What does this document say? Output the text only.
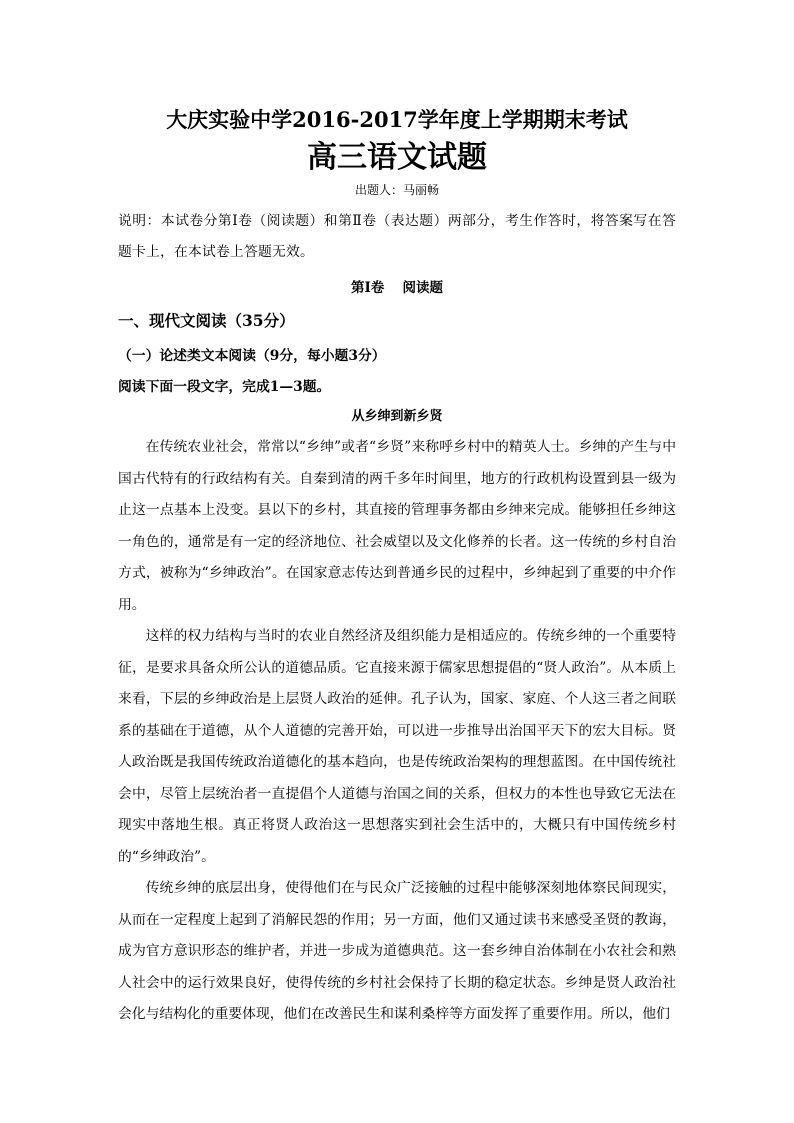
大庆实验中学2016-2017学年度上学期期末考试
高三语文试题
出题人：马丽畅

说明：本试卷分第Ⅰ卷（阅读题）和第Ⅱ卷（表达题）两部分，考生作答时，将答案写在答题卡上，在本试卷上答题无效。

第Ⅰ卷　 阅读题
一、现代文阅读（35分）
（一）论述类文本阅读（9分，每小题3分）
阅读下面一段文字，完成1—3题。
从乡绅到新乡贤

在传统农业社会，常常以“乡绅”或者“乡贤”来称呼乡村中的精英人士。乡绅的产生与中国古代特有的行政结构有关。自秦到清的两千多年时间里，地方的行政机构设置到县一级为止这一点基本上没变。县以下的乡村，其直接的管理事务都由乡绅来完成。能够担任乡绅这一角色的，通常是有一定的经济地位、社会威望以及文化修养的长者。这一传统的乡村自治方式，被称为“乡绅政治”。在国家意志传达到普通乡民的过程中，乡绅起到了重要的中介作用。

这样的权力结构与当时的农业自然经济及组织能力是相适应的。传统乡绅的一个重要特征，是要求具备众所公认的道德品质。它直接来源于儒家思想提倡的“贤人政治”。从本质上来看，下层的乡绅政治是上层贤人政治的延伸。孔子认为，国家、家庭、个人这三者之间联系的基础在于道德，从个人道德的完善开始，可以进一步推导出治国平天下的宏大目标。贤人政治既是我国传统政治道德化的基本趋向，也是传统政治架构的理想蓝图。在中国传统社会中，尽管上层统治者一直提倡个人道德与治国之间的关系，但权力的本性也导致它无法在现实中落地生根。真正将贤人政治这一思想落实到社会生活中的，大概只有中国传统乡村的“乡绅政治”。

传统乡绅的底层出身，使得他们在与民众广泛接触的过程中能够深刻地体察民间现实，从而在一定程度上起到了消解民怨的作用；另一方面，他们又通过读书来感受圣贤的教诲，成为官方意识形态的维护者，并进一步成为道德典范。这一套乡绅自治体制在小农社会和熟人社会中的运行效果良好，使得传统的乡村社会保持了长期的稳定状态。乡绅是贤人政治社会化与结构化的重要体现，他们在改善民生和谋利桑梓等方面发挥了重要作用。所以，他们
